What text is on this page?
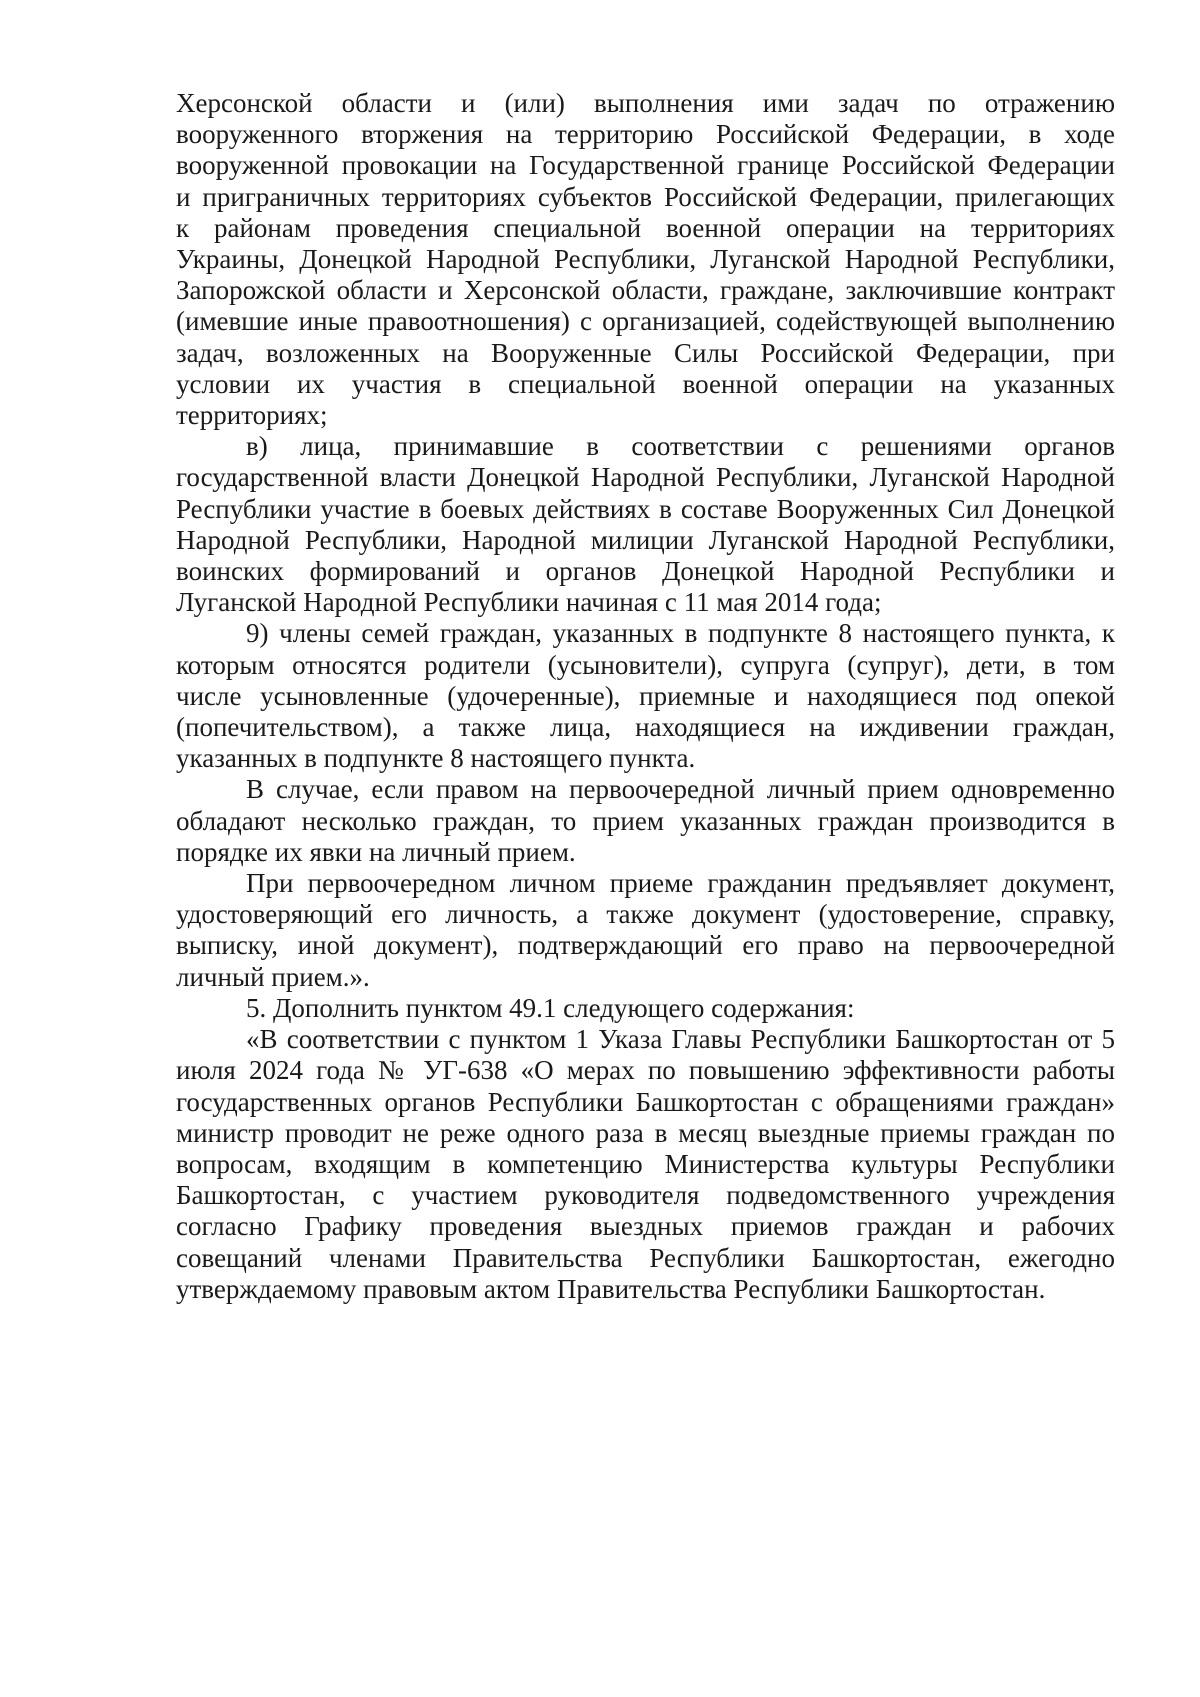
Херсонской области и (или) выполнения ими задач по отражению
вооруженного вторжения на территорию Российской Федерации, в ходе
вооруженной провокации на Государственной границе Российской Федерации
и приграничных территориях субъектов Российской Федерации, прилегающих
к районам проведения специальной военной операции на территориях
Украины, Донецкой Народной Республики, Луганской Народной Республики,
Запорожской области и Херсонской области, граждане, заключившие контракт
(имевшие иные правоотношения) с организацией, содействующей выполнению
задач, возложенных на Вооруженные Силы Российской Федерации, при
условии их участия в специальной военной операции на указанных
территориях;

в) лица, принимавшие в соответствии с решениями органов
государственной власти Донецкой Народной Республики, Луганской Народной
Республики участие в боевых действиях в составе Вооруженных Сил Донецкой
Народной Республики, Народной милиции Луганской Народной Республики,
воинских формирований и органов Донецкой Народной Республики и
Луганской Народной Республики начиная с 11 мая 2014 года;

9) члены семей граждан, указанных в подпункте 8 настоящего пункта, к
которым относятся родители (усыновители), супруга (супруг), дети, в том
числе усыновленные (удочеренные), приемные и находящиеся под опекой
(попечительством), а также лица, находящиеся на иждивении граждан,
указанных в подпункте 8 настоящего пункта.

В случае, если правом на первоочередной личный прием одновременно
обладают несколько граждан, то прием указанных граждан производится в
порядке их явки на личный прием.

При первоочередном личном приеме гражданин предъявляет документ,
удостоверяющий его личность, а также документ (удостоверение, справку,
выписку, иной документ), подтверждающий его право на первоочередной
личный прием.».

5. Дополнить пунктом 49.1 следующего содержания:

«В соответствии с пунктом 1 Указа Главы Республики Башкортостан от 5
июля 2024 года № УГ-638 «О мерах по повышению эффективности работы
государственных органов Республики Башкортостан с обращениями граждан»
министр проводит не реже одного раза в месяц выездные приемы граждан по
вопросам, входящим в компетенцию Министерства культуры Республики
Башкортостан, с участием руководителя подведомственного учреждения
согласно Графику проведения выездных приемов граждан и рабочих
совещаний членами Правительства Республики Башкортостан, ежегодно
утверждаемому правовым актом Правительства Республики Башкортостан.
